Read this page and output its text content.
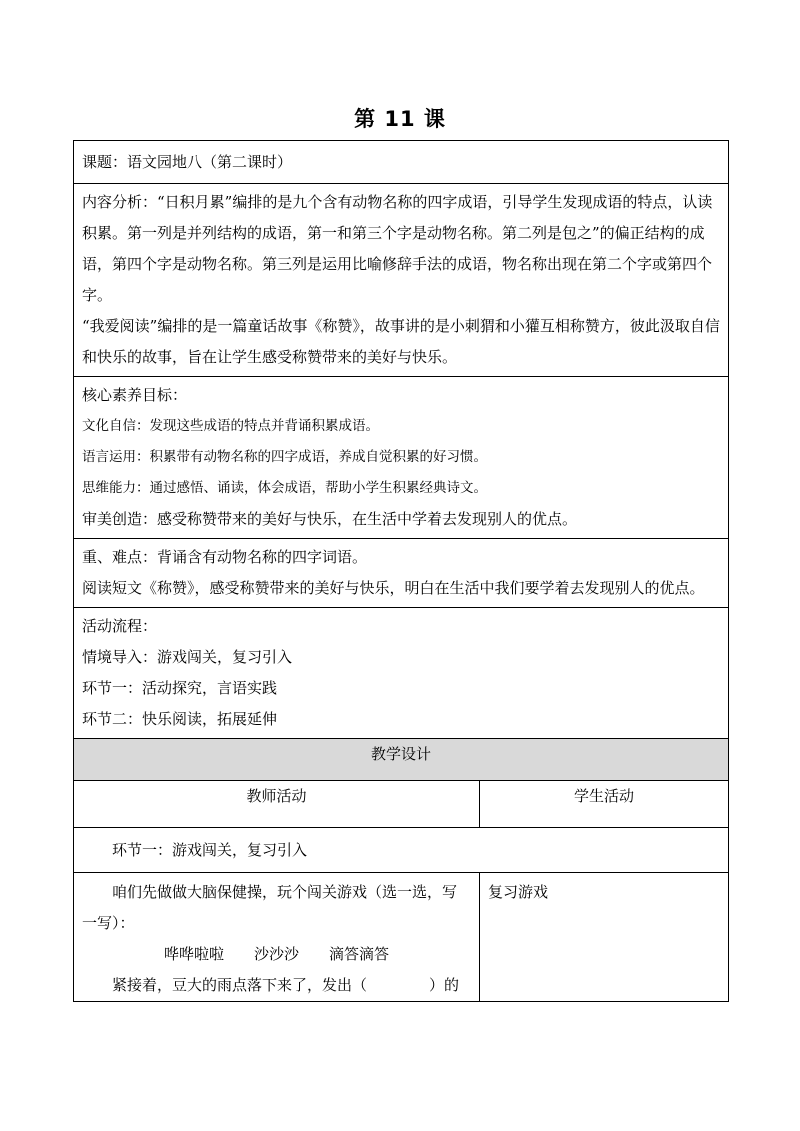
第 11 课

课题：语文园地八（第二课时）	

内容分析：“日积月累”编排的是九个含有动物名称的四字成语，引导学生发现成语的特点，认读积累。第一列是并列结构的成语，第一和第三个字是动物名称。第二列是包之”的偏正结构的成语，第四个字是动物名称。第三列是运用比喻修辞手法的成语，物名称出现在第二个字或第四个字。

“我爱阅读”编排的是一篇童话故事《称赞》，故事讲的是小刺猬和小獾互相称赞方，彼此汲取自信和快乐的故事，旨在让学生感受称赞带来的美好与快乐。	

核心素养目标：

文化自信：发现这些成语的特点并背诵积累成语。

语言运用：积累带有动物名称的四字成语，养成自觉积累的好习惯。

思维能力：通过感悟、诵读，体会成语，帮助小学生积累经典诗文。

审美创造：感受称赞带来的美好与快乐，在生活中学着去发现别人的优点。	

重、难点：背诵含有动物名称的四字词语。

阅读短文《称赞》，感受称赞带来的美好与快乐，明白在生活中我们要学着去发现别人的优点。	

活动流程：

情境导入：游戏闯关，复习引入

环节一：活动探究，言语实践

环节二：快乐阅读，拓展延伸	

教学设计	
教师活动	学生活动

环节一：游戏闯关，复习引入	

咱们先做做大脑保健操，玩个闯关游戏（选一选，写一写）：

哗哗啦啦　　沙沙沙　　滴答滴答

紧接着，豆大的雨点落下来了，发出（ ）的	复习游戏
